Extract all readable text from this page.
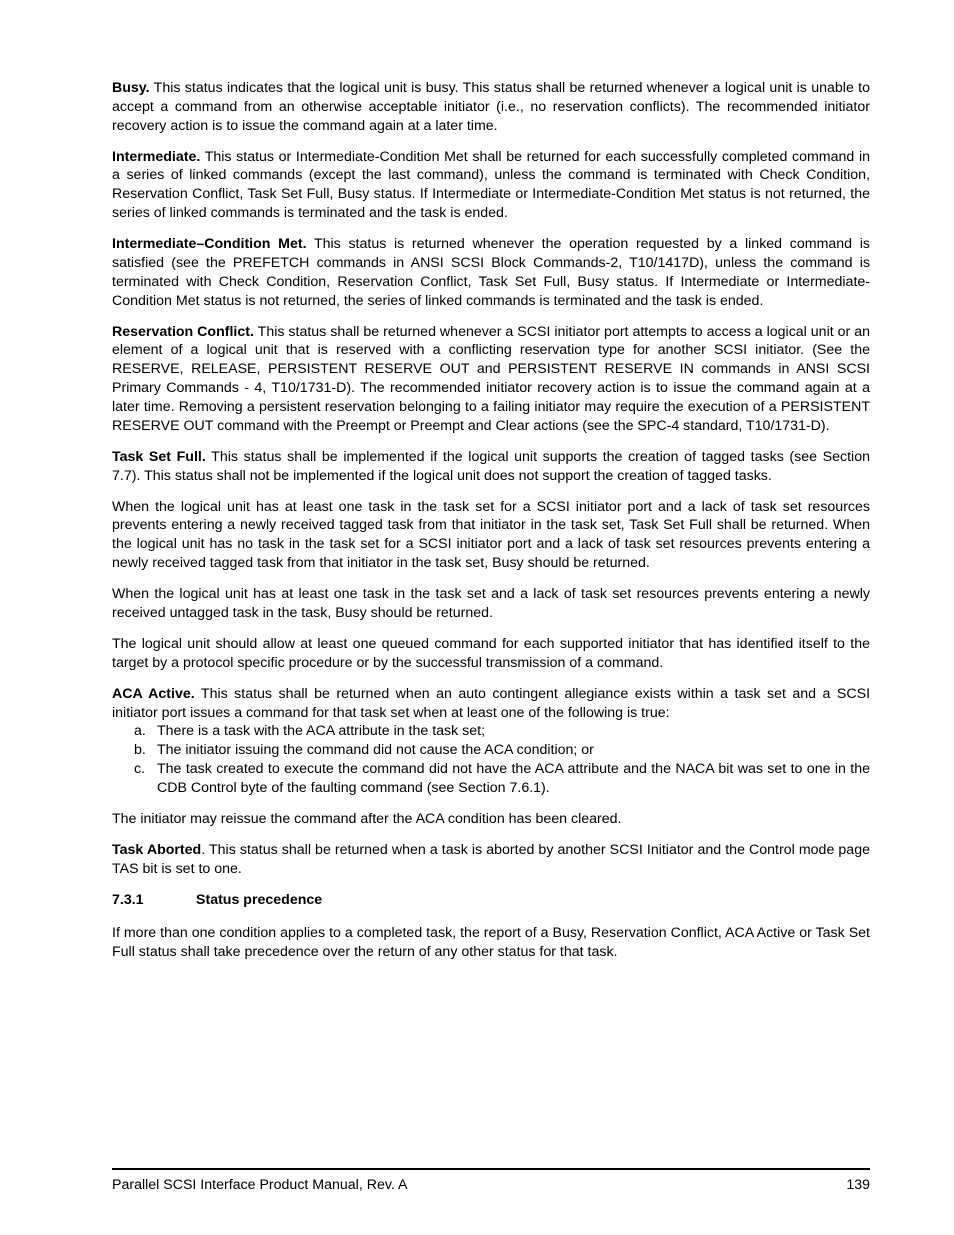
Busy. This status indicates that the logical unit is busy. This status shall be returned whenever a logical unit is unable to accept a command from an otherwise acceptable initiator (i.e., no reservation conflicts). The recommended initiator recovery action is to issue the command again at a later time.

Intermediate. This status or Intermediate-Condition Met shall be returned for each successfully completed command in a series of linked commands (except the last command), unless the command is terminated with Check Condition, Reservation Conflict, Task Set Full, Busy status. If Intermediate or Intermediate-Condition Met status is not returned, the series of linked commands is terminated and the task is ended.

Intermediate–Condition Met. This status is returned whenever the operation requested by a linked command is satisfied (see the PREFETCH commands in ANSI SCSI Block Commands-2, T10/1417D), unless the command is terminated with Check Condition, Reservation Conflict, Task Set Full, Busy status. If Intermediate or Intermediate-Condition Met status is not returned, the series of linked commands is terminated and the task is ended.

Reservation Conflict. This status shall be returned whenever a SCSI initiator port attempts to access a logical unit or an element of a logical unit that is reserved with a conflicting reservation type for another SCSI initiator. (See the RESERVE, RELEASE, PERSISTENT RESERVE OUT and PERSISTENT RESERVE IN commands in ANSI SCSI Primary Commands - 4, T10/1731-D). The recommended initiator recovery action is to issue the command again at a later time. Removing a persistent reservation belonging to a failing initiator may require the execution of a PERSISTENT RESERVE OUT command with the Preempt or Preempt and Clear actions (see the SPC-4 standard, T10/1731-D).

Task Set Full. This status shall be implemented if the logical unit supports the creation of tagged tasks (see Section 7.7). This status shall not be implemented if the logical unit does not support the creation of tagged tasks.

When the logical unit has at least one task in the task set for a SCSI initiator port and a lack of task set resources prevents entering a newly received tagged task from that initiator in the task set, Task Set Full shall be returned. When the logical unit has no task in the task set for a SCSI initiator port and a lack of task set resources prevents entering a newly received tagged task from that initiator in the task set, Busy should be returned.

When the logical unit has at least one task in the task set and a lack of task set resources prevents entering a newly received untagged task in the task, Busy should be returned.

The logical unit should allow at least one queued command for each supported initiator that has identified itself to the target by a protocol specific procedure or by the successful transmission of a command.

ACA Active. This status shall be returned when an auto contingent allegiance exists within a task set and a SCSI initiator port issues a command for that task set when at least one of the following is true:

a. There is a task with the ACA attribute in the task set;
b. The initiator issuing the command did not cause the ACA condition; or
c. The task created to execute the command did not have the ACA attribute and the NACA bit was set to one in the CDB Control byte of the faulting command (see Section 7.6.1).

The initiator may reissue the command after the ACA condition has been cleared.

Task Aborted. This status shall be returned when a task is aborted by another SCSI Initiator and the Control mode page TAS bit is set to one.

7.3.1	Status precedence

If more than one condition applies to a completed task, the report of a Busy, Reservation Conflict, ACA Active or Task Set Full status shall take precedence over the return of any other status for that task.

Parallel SCSI Interface Product Manual, Rev. A	139
